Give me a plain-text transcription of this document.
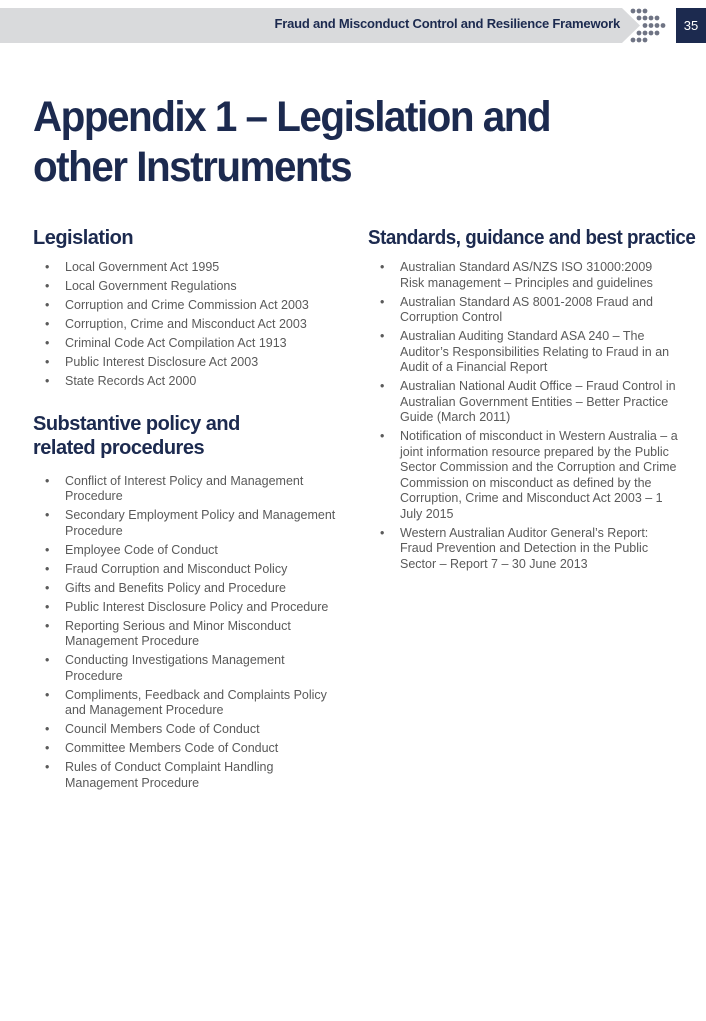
Fraud and Misconduct Control and Resilience Framework	35
Appendix 1 – Legislation and other Instruments
Legislation
• Local Government Act 1995
• Local Government Regulations
• Corruption and Crime Commission Act 2003
• Corruption, Crime and Misconduct Act 2003
• Criminal Code Act Compilation Act 1913
• Public Interest Disclosure Act 2003
• State Records Act 2000
Substantive policy and related procedures
• Conflict of Interest Policy and Management Procedure
• Secondary Employment Policy and Management Procedure
• Employee Code of Conduct
• Fraud Corruption and Misconduct Policy
• Gifts and Benefits Policy and Procedure
• Public Interest Disclosure Policy and Procedure
• Reporting Serious and Minor Misconduct Management Procedure
• Conducting Investigations Management Procedure
• Compliments, Feedback and Complaints Policy and Management Procedure
• Council Members Code of Conduct
• Committee Members Code of Conduct
• Rules of Conduct Complaint Handling Management Procedure
Standards, guidance and best practice
• Australian Standard AS/NZS ISO 31000:2009 Risk management – Principles and guidelines
• Australian Standard AS 8001-2008 Fraud and Corruption Control
• Australian Auditing Standard ASA 240 – The Auditor’s Responsibilities Relating to Fraud in an Audit of a Financial Report
• Australian National Audit Office – Fraud Control in Australian Government Entities – Better Practice Guide (March 2011)
• Notification of misconduct in Western Australia – a joint information resource prepared by the Public Sector Commission and the Corruption and Crime Commission on misconduct as defined by the Corruption, Crime and Misconduct Act 2003 – 1 July 2015
• Western Australian Auditor General’s Report: Fraud Prevention and Detection in the Public Sector – Report 7 – 30 June 2013
